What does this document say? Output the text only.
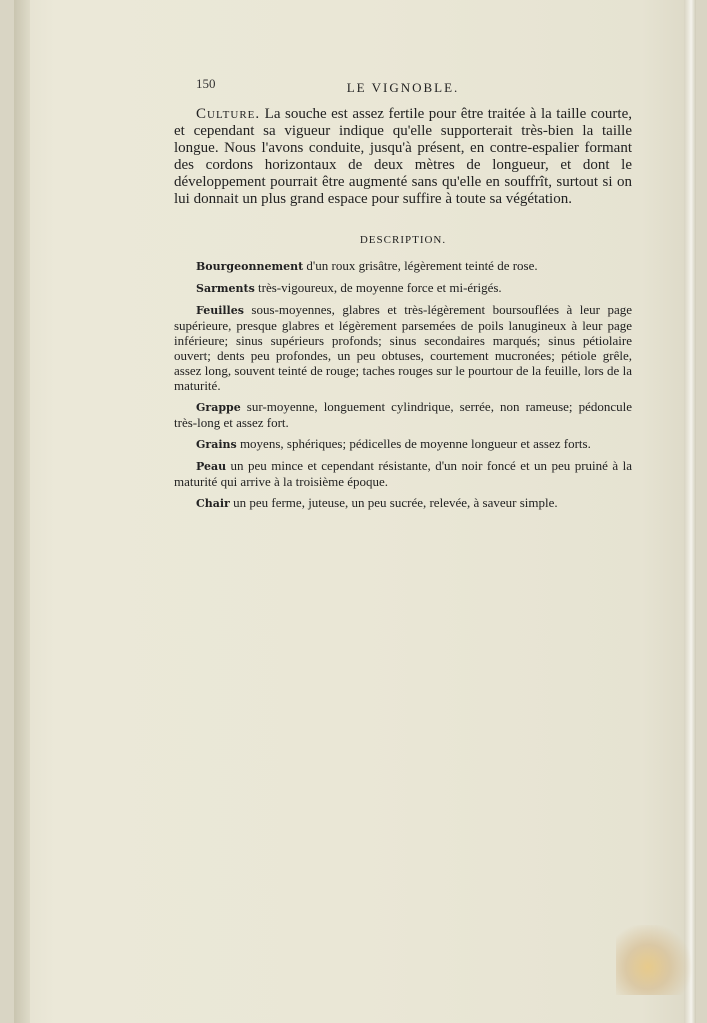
150	LE VIGNOBLE.

Culture. La souche est assez fertile pour être traitée à la taille courte, et cependant sa vigueur indique qu'elle supporterait très-bien la taille longue. Nous l'avons conduite, jusqu'à présent, en contre-espalier formant des cordons horizontaux de deux mètres de longueur, et dont le développement pourrait être augmenté sans qu'elle en souffrît, surtout si on lui donnait un plus grand espace pour suffire à toute sa végétation.

DESCRIPTION.

Bourgeonnement d'un roux grisâtre, légèrement teinté de rose.

Sarments très-vigoureux, de moyenne force et mi-érigés.

Feuilles sous-moyennes, glabres et très-légèrement boursouflées à leur page supérieure, presque glabres et légèrement parsemées de poils lanugineux à leur page inférieure; sinus supérieurs profonds; sinus secondaires marqués; sinus pétiolaire ouvert; dents peu profondes, un peu obtuses, courtement mucronées; pétiole grêle, assez long, souvent teinté de rouge; taches rouges sur le pourtour de la feuille, lors de la maturité.

Grappe sur-moyenne, longuement cylindrique, serrée, non rameuse; pédoncule très-long et assez fort.

Grains moyens, sphériques; pédicelles de moyenne longueur et assez forts.

Peau un peu mince et cependant résistante, d'un noir foncé et un peu pruiné à la maturité qui arrive à la troisième époque.

Chair un peu ferme, juteuse, un peu sucrée, relevée, à saveur simple.
